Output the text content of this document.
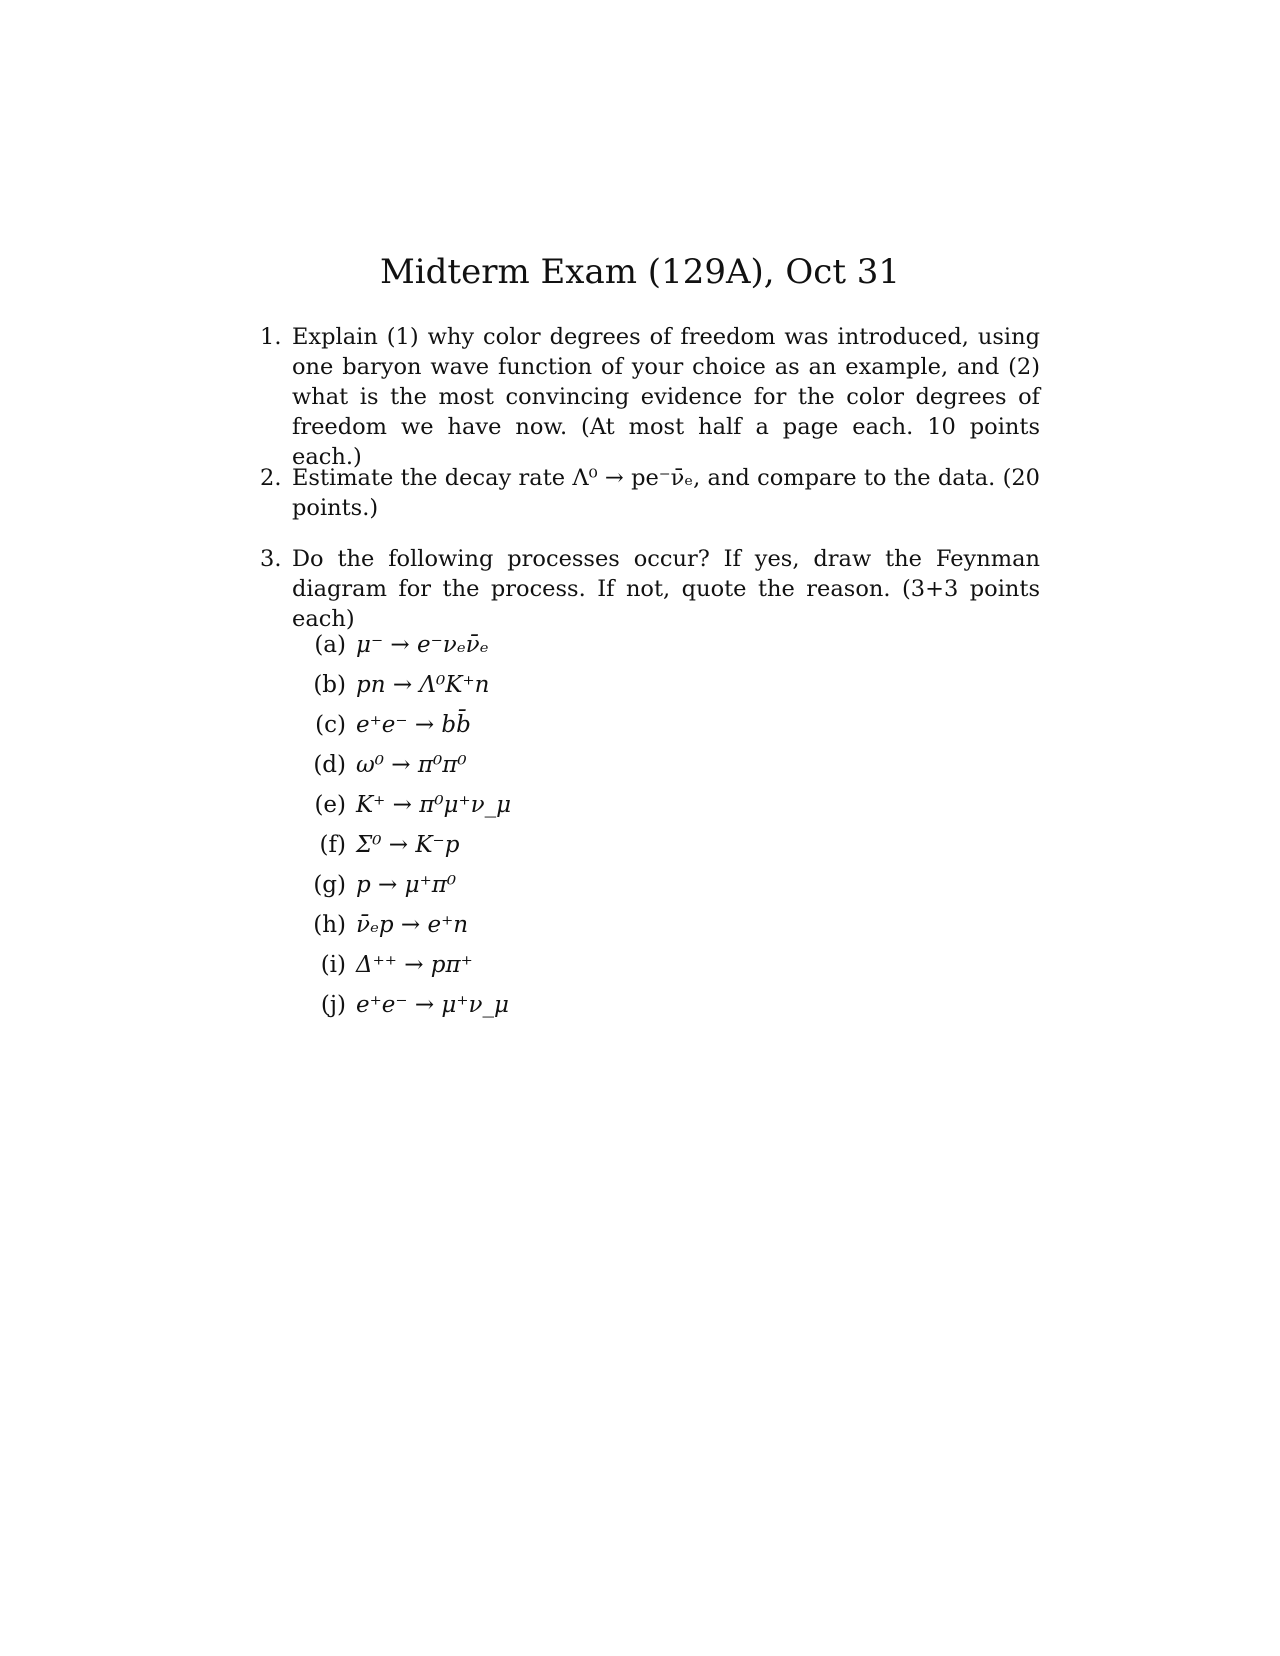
Midterm Exam (129A), Oct 31
1. Explain (1) why color degrees of freedom was introduced, using one baryon wave function of your choice as an example, and (2) what is the most convincing evidence for the color degrees of freedom we have now. (At most half a page each. 10 points each.)
2. Estimate the decay rate Λ⁰ → pe⁻ν̄ₑ, and compare to the data. (20 points.)
3. Do the following processes occur? If yes, draw the Feynman diagram for the process. If not, quote the reason. (3+3 points each)
(a) μ⁻ → e⁻νₑν̄ₑ
(b) pn → Λ⁰K⁺n
(c) e⁺e⁻ → bb̄
(d) ω⁰ → π⁰π⁰
(e) K⁺ → π⁰μ⁺ν_μ
(f) Σ⁰ → K⁻p
(g) p → μ⁺π⁰
(h) ν̄ₑp → e⁺n
(i) Δ⁺⁺ → pπ⁺
(j) e⁺e⁻ → μ⁺ν_μ
